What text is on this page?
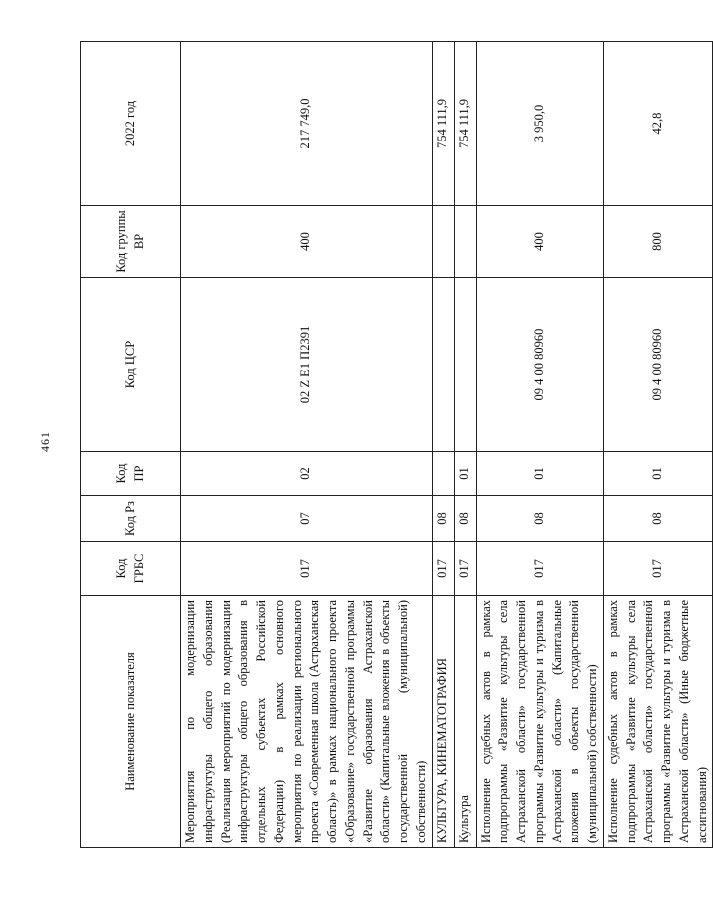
461
Наименование показателя	Код ГРБС	Код Рз	Код ПР	Код ЦСР	Код группы ВР	2022 год
Мероприятия по модернизации инфраструктуры общего образования (Реализация мероприятий по модернизации инфраструктуры общего образования в отдельных субъектах Российской Федерации) в рамках основного мероприятия по реализации регионального проекта «Современная школа (Астраханская область)» в рамках национального проекта «Образование» государственной программы «Развитие образования Астраханской области» (Капитальные вложения в объекты государственной (муниципальной) собственности)	017	07	02	02 Z Е1 П2391	400	217 749,0
КУЛЬТУРА, КИНЕМАТОГРАФИЯ	017	08				754 111,9
Культура	017	08	01			754 111,9
Исполнение судебных актов в рамках подпрограммы «Развитие культуры села Астраханской области» государственной программы «Развитие культуры и туризма в Астраханской области» (Капитальные вложения в объекты государственной (муниципальной) собственности)	017	08	01	09 4 00 80960	400	3 950,0
Исполнение судебных актов в рамках подпрограммы «Развитие культуры села Астраханской области» государственной программы «Развитие культуры и туризма в Астраханской области» (Иные бюджетные ассигнования)	017	08	01	09 4 00 80960	800	42,8
